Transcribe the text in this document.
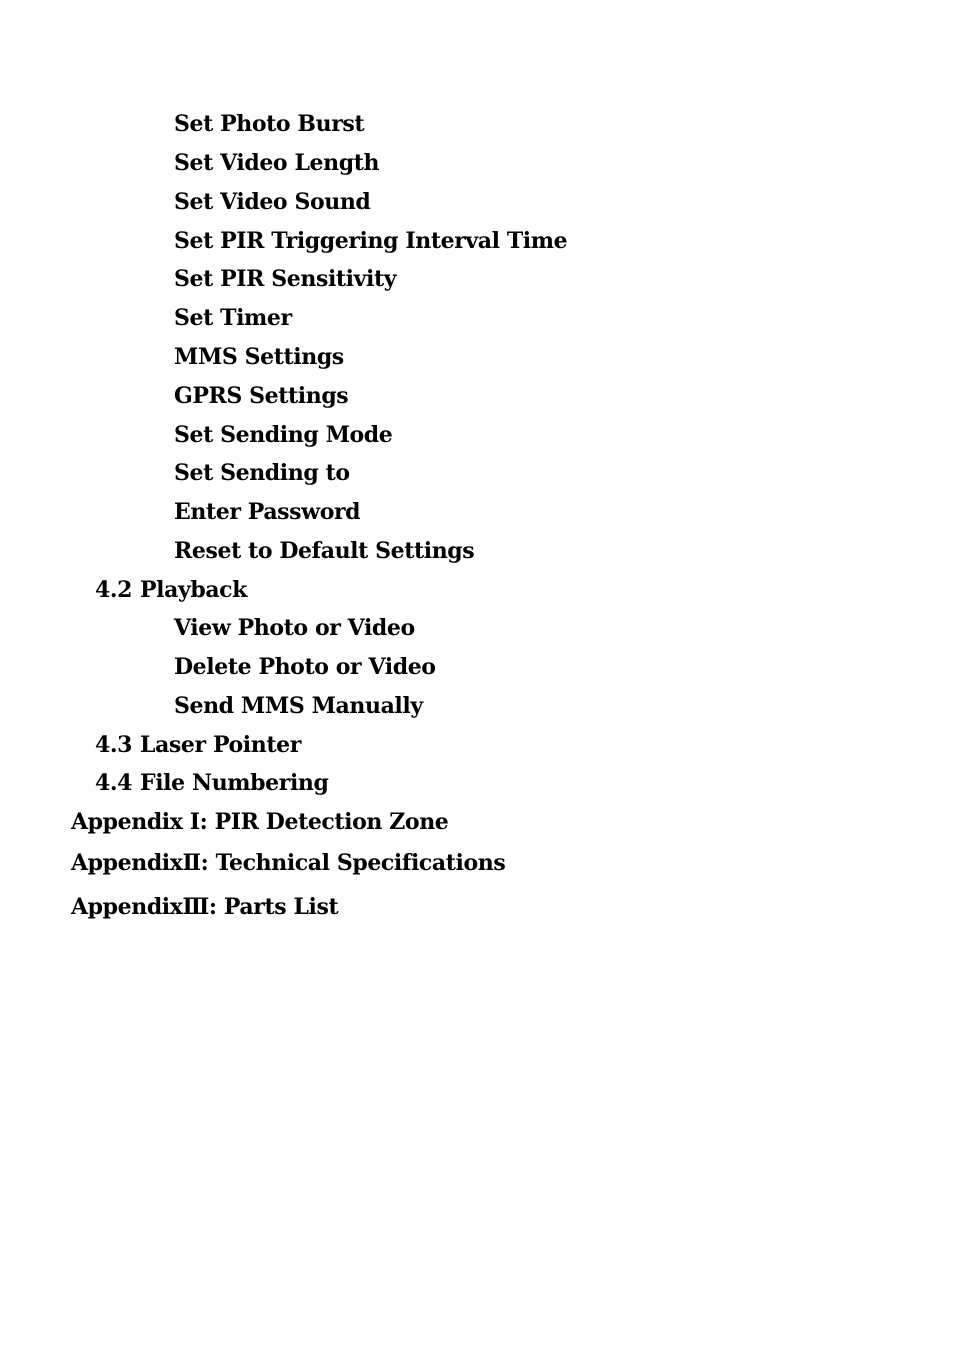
Set Photo Burst
Set Video Length
Set Video Sound
Set PIR Triggering Interval Time
Set PIR Sensitivity
Set Timer
MMS Settings
GPRS Settings
Set Sending Mode
Set Sending to
Enter Password
Reset to Default Settings
4.2 Playback
View Photo or Video
Delete Photo or Video
Send MMS Manually
4.3 Laser Pointer
4.4 File Numbering
Appendix I: PIR Detection Zone
AppendixⅡ: Technical Specifications
AppendixⅢ: Parts List
